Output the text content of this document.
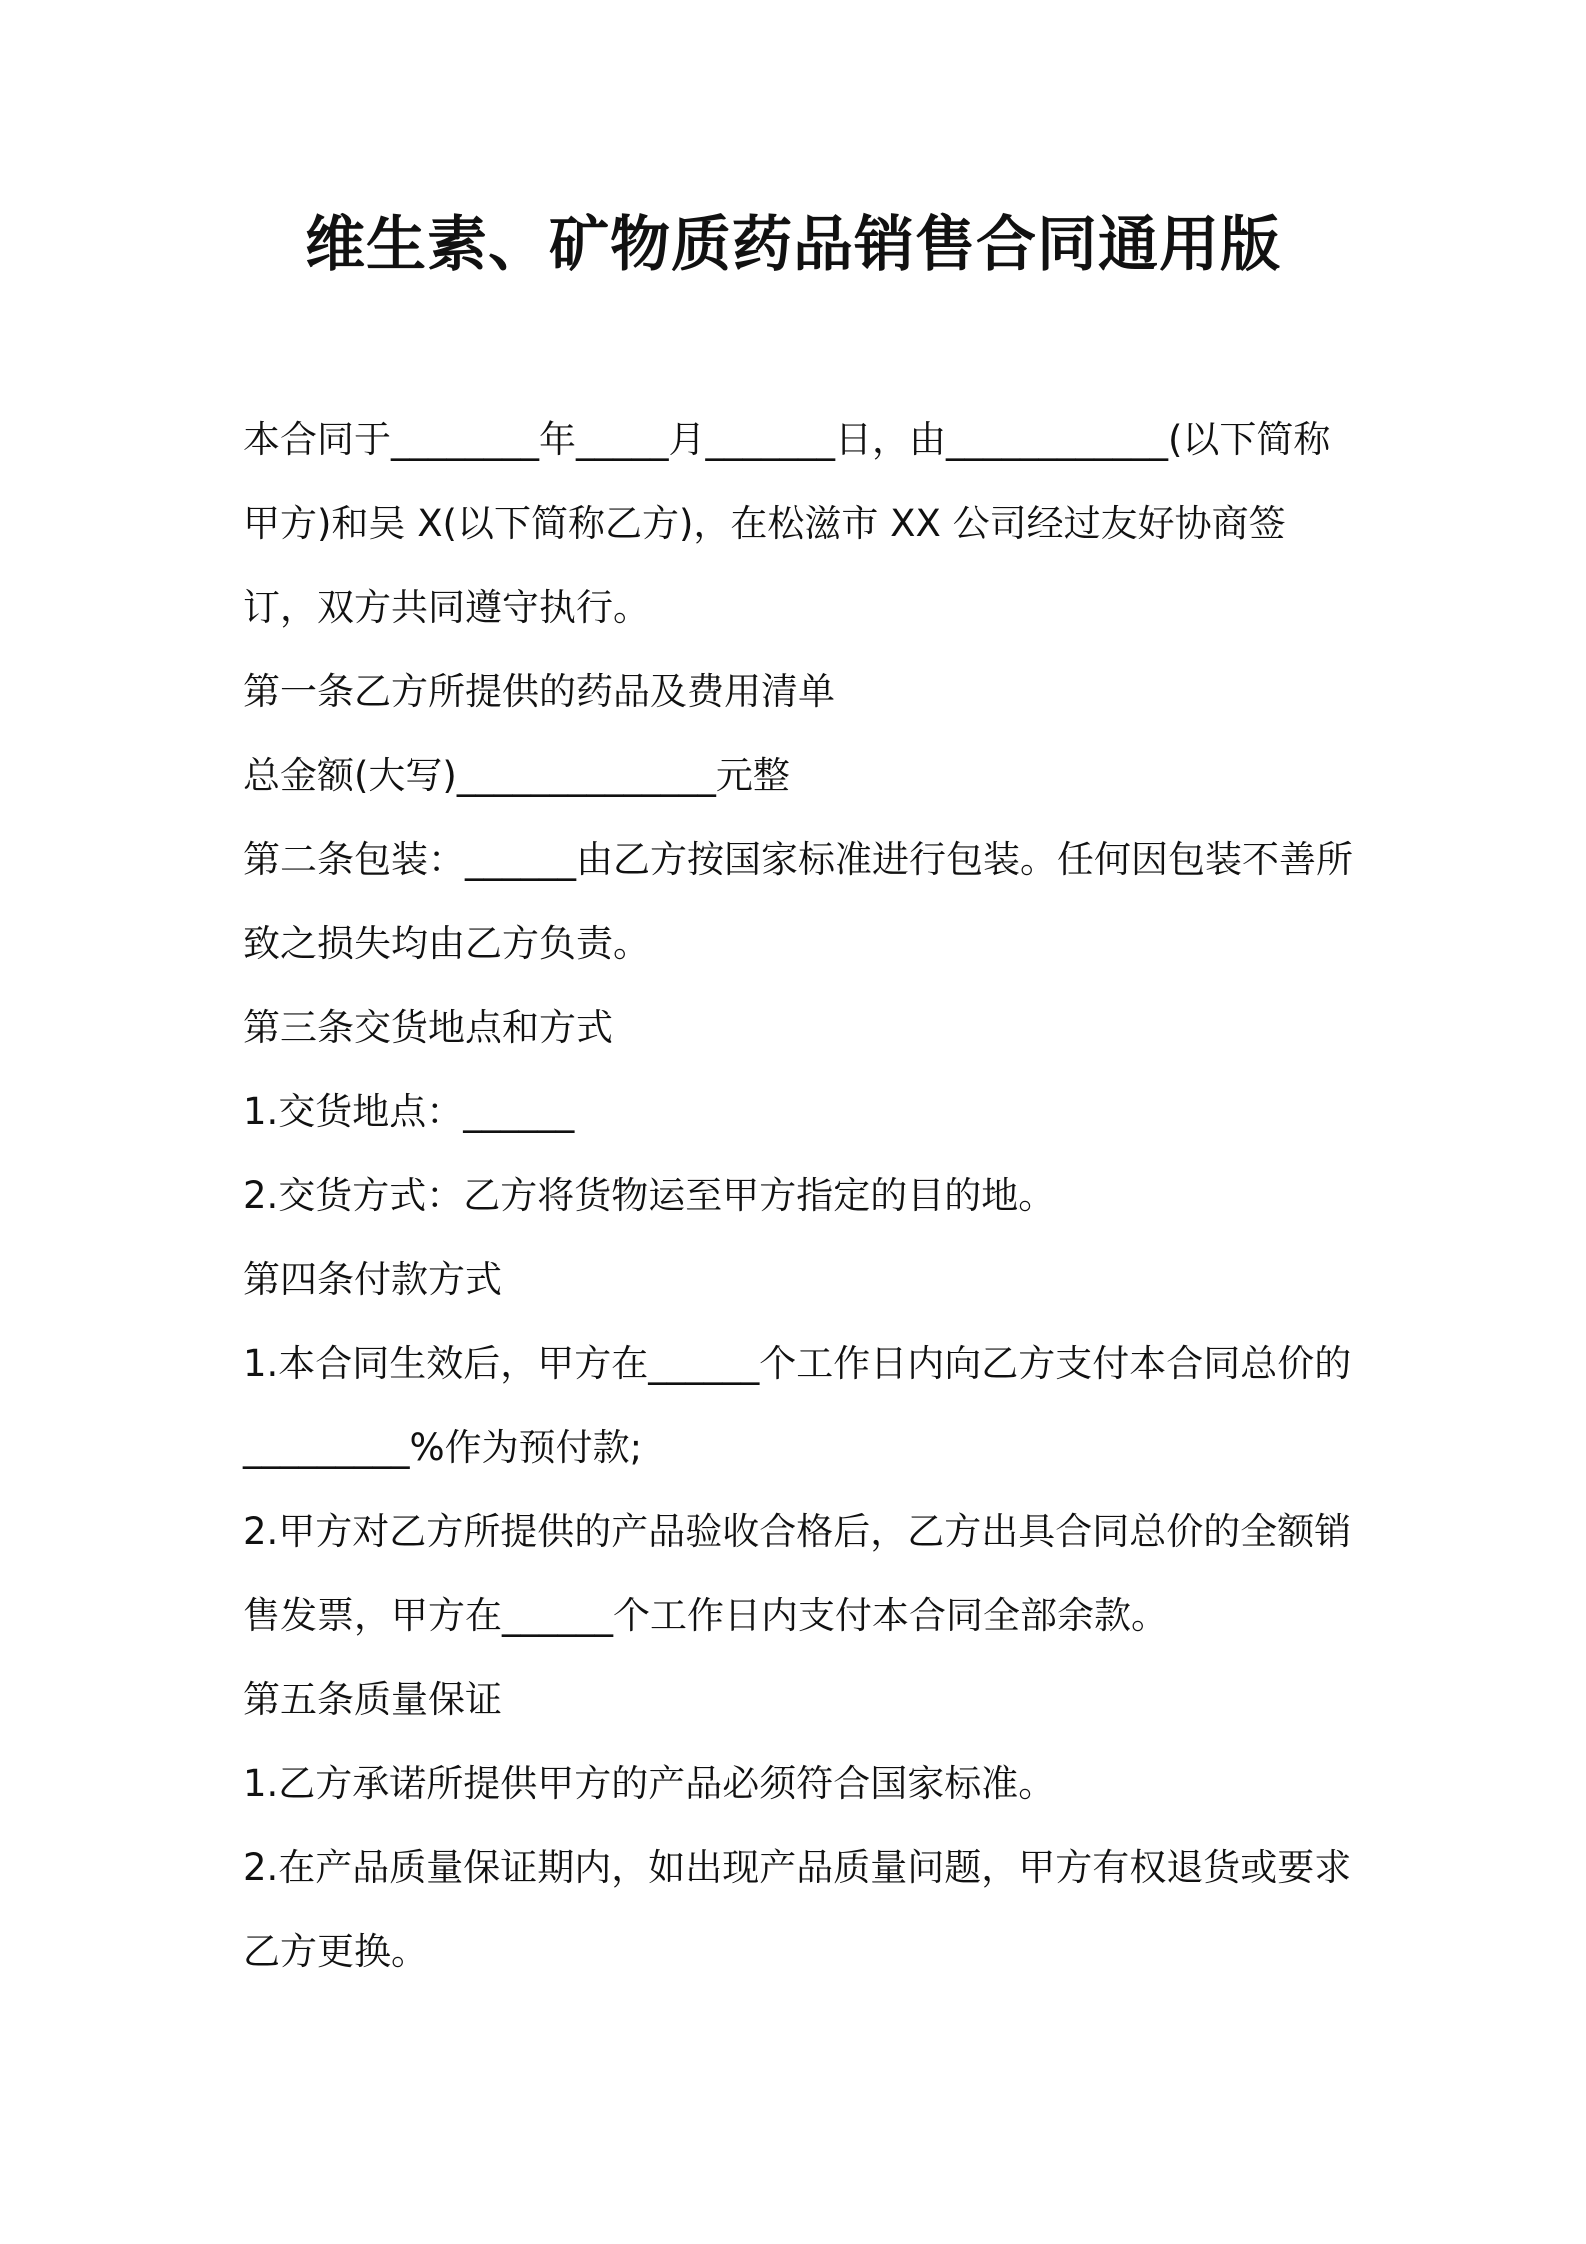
维生素、矿物质药品销售合同通用版

本合同于________年_____月_______日，由____________(以下简称甲方)和吴 X(以下简称乙方)，在松滋市 XX 公司经过友好协商签订，双方共同遵守执行。

第一条乙方所提供的药品及费用清单

总金额(大写)______________元整

第二条包装：______由乙方按国家标准进行包装。任何因包装不善所致之损失均由乙方负责。

第三条交货地点和方式

1.交货地点：______

2.交货方式：乙方将货物运至甲方指定的目的地。

第四条付款方式

1.本合同生效后，甲方在______个工作日内向乙方支付本合同总价的_________%作为预付款;

2.甲方对乙方所提供的产品验收合格后，乙方出具合同总价的全额销售发票，甲方在______个工作日内支付本合同全部余款。

第五条质量保证

1.乙方承诺所提供甲方的产品必须符合国家标准。

2.在产品质量保证期内，如出现产品质量问题，甲方有权退货或要求乙方更换。
